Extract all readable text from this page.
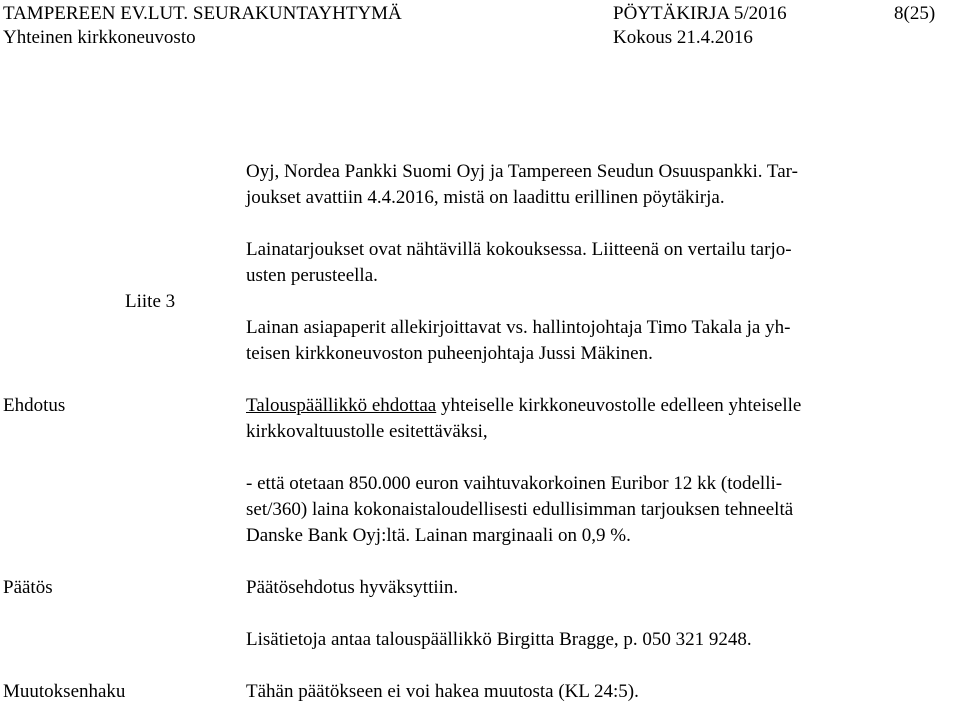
TAMPEREEN EV.LUT. SEURAKUNTAYHTYMÄ	PÖYTÄKIRJA 5/2016	8(25)
Yhteinen kirkkoneuvosto	Kokous 21.4.2016
Oyj, Nordea Pankki Suomi Oyj ja Tampereen Seudun Osuuspankki. Tar-
joukset avattiin 4.4.2016, mistä on laadittu erillinen pöytäkirja.
Lainatarjoukset ovat nähtävillä kokouksessa. Liitteenä on vertailu tarjo-
usten perusteella.
Liite 3
Lainan asiapaperit allekirjoittavat vs. hallintojohtaja Timo Takala ja yh-
teisen kirkkoneuvoston puheenjohtaja Jussi Mäkinen.
Ehdotus	Talouspäällikkö ehdottaa yhteiselle kirkkoneuvostolle edelleen yhteiselle
kirkkovaltuustolle esitettäväksi,
- että otetaan 850.000 euron vaihtuvakorkoinen Euribor 12 kk (todelli-
set/360) laina kokonaistaloudellisesti edullisimman tarjouksen tehneeltä
Danske Bank Oyj:ltä. Lainan marginaali on 0,9 %.
Päätös	Päätösehdotus hyväksyttiin.
Lisätietoja antaa talouspäällikkö Birgitta Bragge, p. 050 321 9248.
Muutoksenhaku	Tähän päätökseen ei voi hakea muutosta (KL 24:5).
